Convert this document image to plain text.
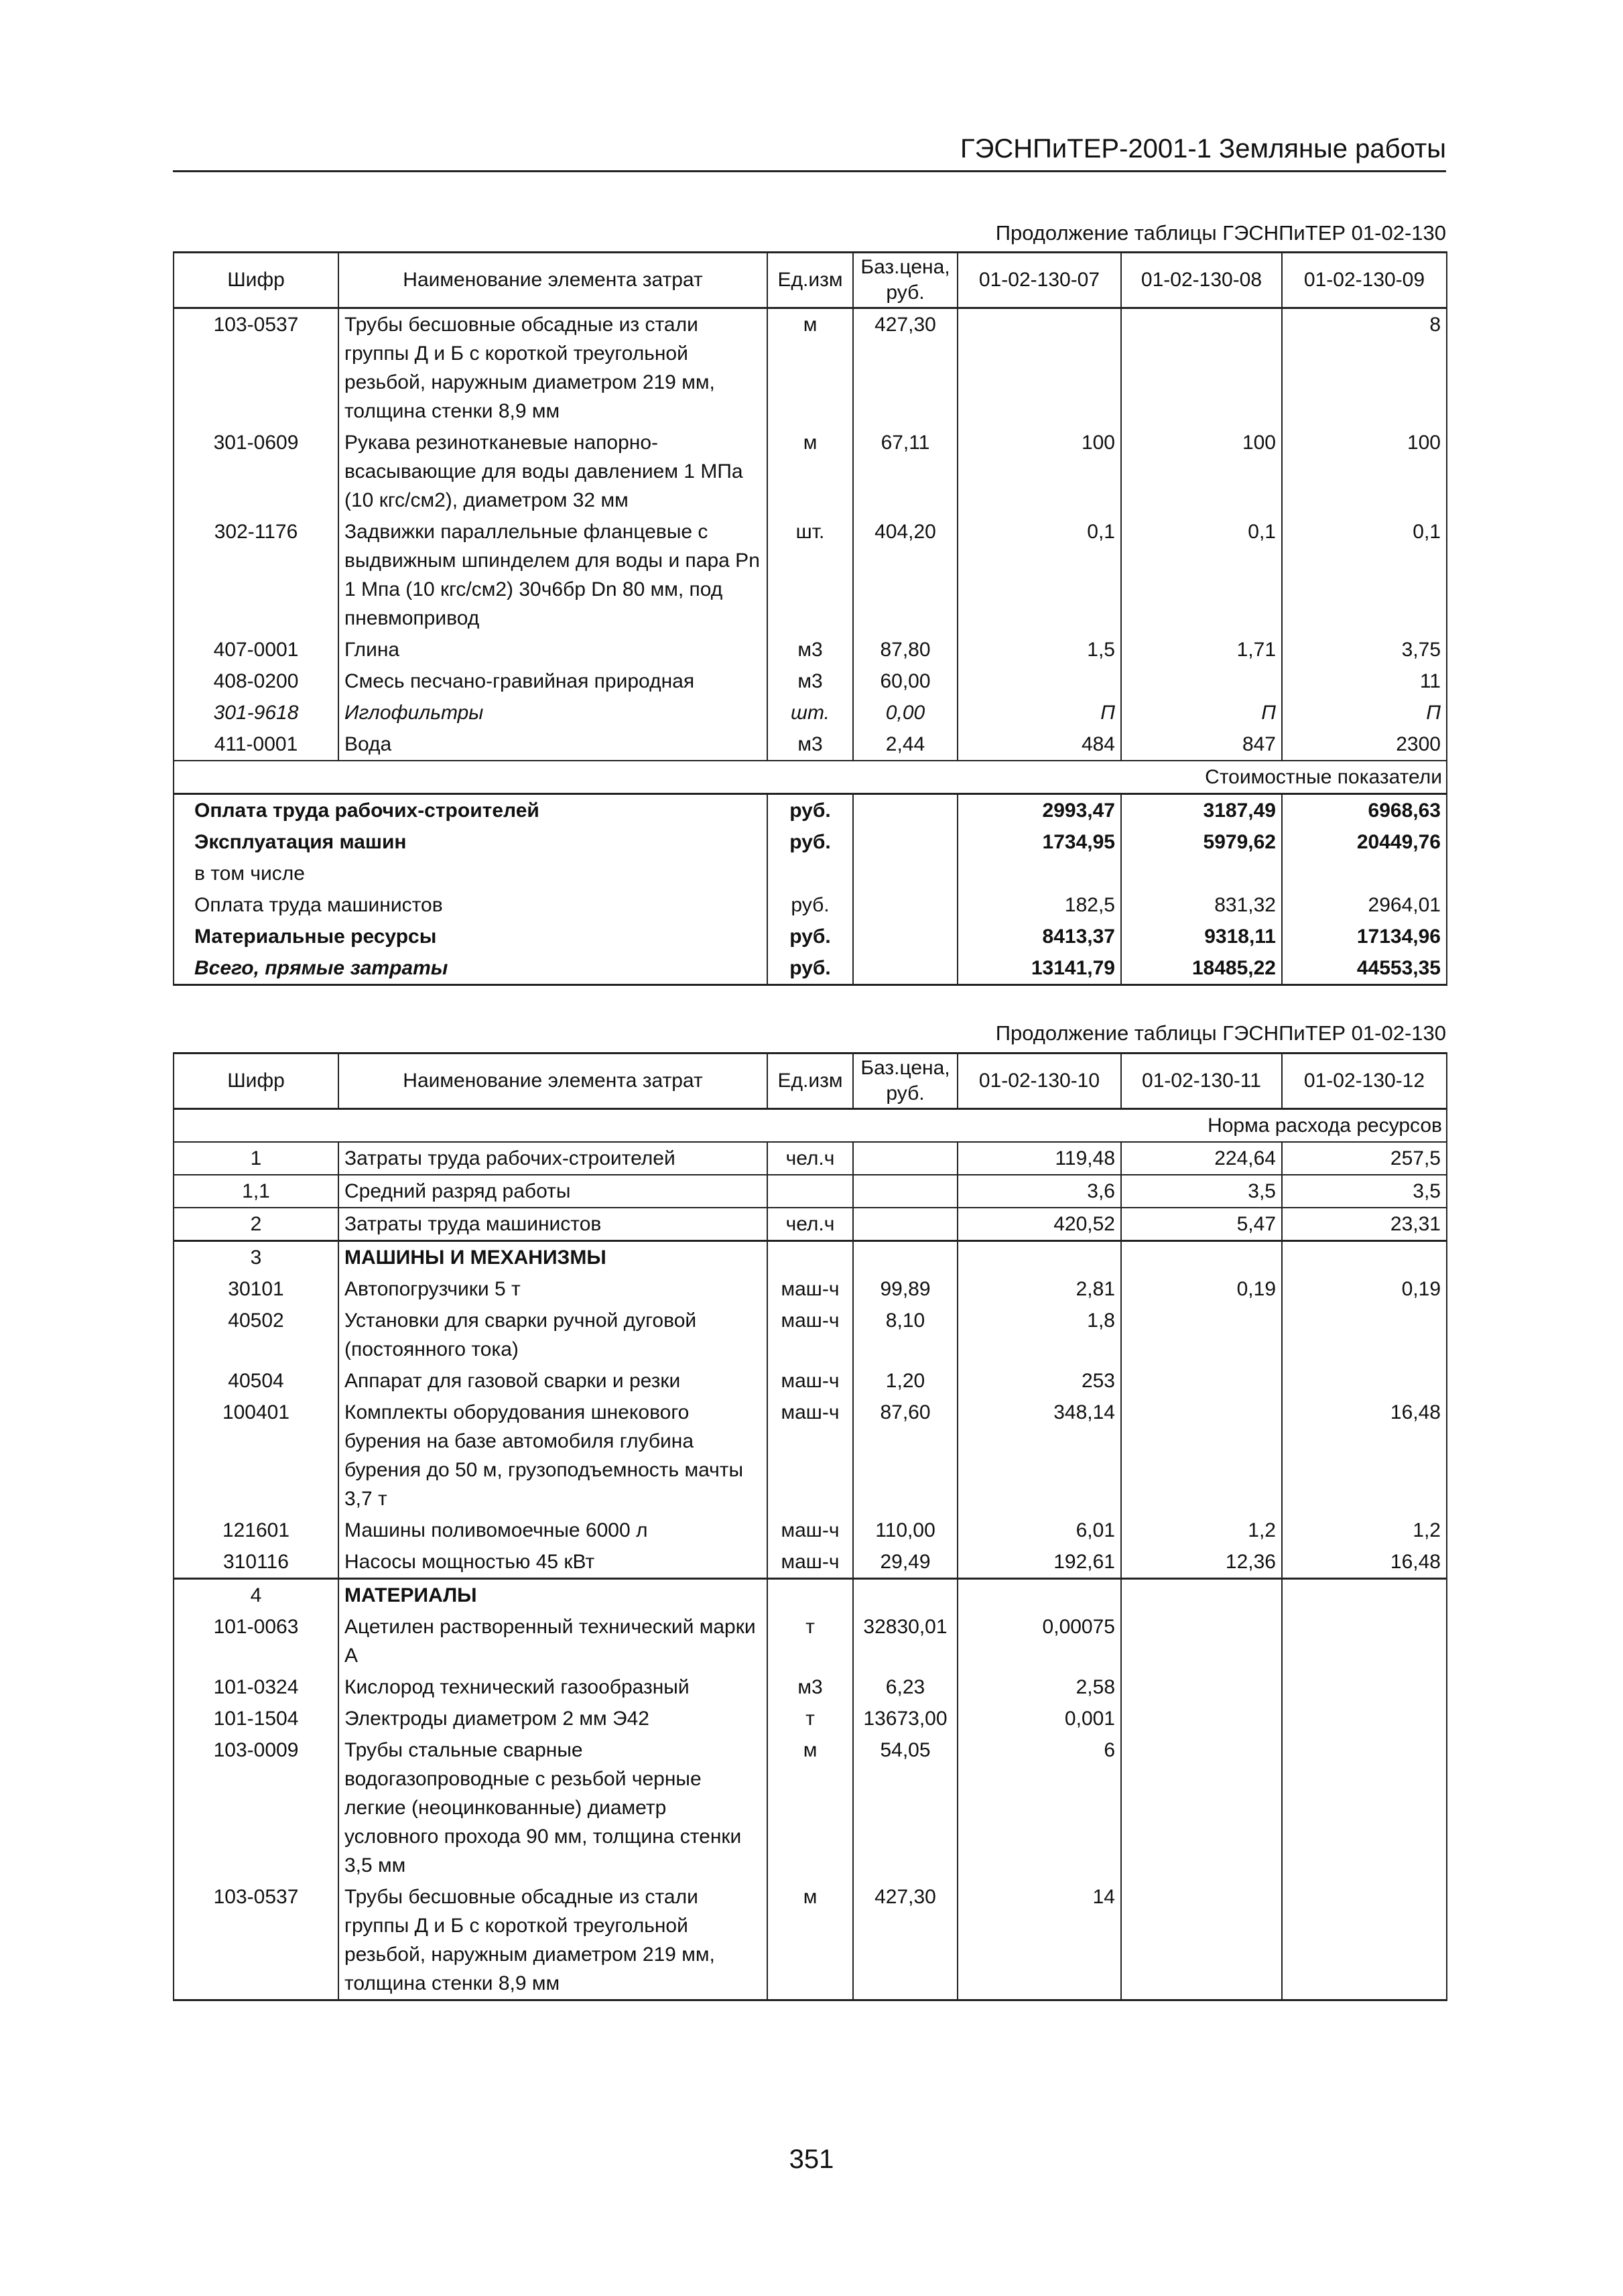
ГЭСНПиТЕР-2001-1 Земляные работы
Продолжение таблицы ГЭСНПиТЕР 01-02-130
Шифр	Наименование элемента затрат	Ед.изм	Баз.цена, руб.	01-02-130-07	01-02-130-08	01-02-130-09
103-0537	Трубы бесшовные обсадные из стали группы Д и Б с короткой треугольной резьбой, наружным диаметром 219 мм, толщина стенки 8,9 мм	м	427,30			8
301-0609	Рукава резинотканевые напорно-всасывающие для воды давлением 1 МПа (10 кгс/см2), диаметром 32 мм	м	67,11	100	100	100
302-1176	Задвижки параллельные фланцевые с выдвижным шпинделем для воды и пара Рn 1 Мпа (10 кгс/см2) 30ч6бр Dn 80 мм, под пневмопривод	шт.	404,20	0,1	0,1	0,1
407-0001	Глина	м3	87,80	1,5	1,71	3,75
408-0200	Смесь песчано-гравийная природная	м3	60,00			11
301-9618	Иглофильтры	шт.	0,00	П	П	П
411-0001	Вода	м3	2,44	484	847	2300
Стоимостные показатели						
Оплата труда рабочих-строителей		руб.		2993,47	3187,49	6968,63
Эксплуатация машин		руб.		1734,95	5979,62	20449,76
в том числе						
Оплата труда машинистов		руб.		182,5	831,32	2964,01
Материальные ресурсы		руб.		8413,37	9318,11	17134,96
Всего, прямые затраты		руб.		13141,79	18485,22	44553,35
Продолжение таблицы ГЭСНПиТЕР 01-02-130
Шифр	Наименование элемента затрат	Ед.изм	Баз.цена, руб.	01-02-130-10	01-02-130-11	01-02-130-12
Норма расхода ресурсов						
1	Затраты труда рабочих-строителей	чел.ч		119,48	224,64	257,5
1,1	Средний разряд работы			3,6	3,5	3,5
2	Затраты труда машинистов	чел.ч		420,52	5,47	23,31
3	МАШИНЫ И МЕХАНИЗМЫ					
30101	Автопогрузчики 5 т	маш-ч	99,89	2,81	0,19	0,19
40502	Установки для сварки ручной дуговой (постоянного тока)	маш-ч	8,10	1,8		
40504	Аппарат для газовой сварки и резки	маш-ч	1,20	253		
100401	Комплекты оборудования шнекового бурения на базе автомобиля глубина бурения до 50 м, грузоподъемность мачты 3,7 т	маш-ч	87,60	348,14		16,48
121601	Машины поливомоечные 6000 л	маш-ч	110,00	6,01	1,2	1,2
310116	Насосы мощностью 45 кВт	маш-ч	29,49	192,61	12,36	16,48
4	МАТЕРИАЛЫ					
101-0063	Ацетилен растворенный технический марки А	т	32830,01	0,00075		
101-0324	Кислород технический газообразный	м3	6,23	2,58		
101-1504	Электроды диаметром 2 мм Э42	т	13673,00	0,001		
103-0009	Трубы стальные сварные водогазопроводные с резьбой черные легкие (неоцинкованные) диаметр условного прохода 90 мм, толщина стенки 3,5 мм	м	54,05	6		
103-0537	Трубы бесшовные обсадные из стали группы Д и Б с короткой треугольной резьбой, наружным диаметром 219 мм, толщина стенки 8,9 мм	м	427,30	14		
351
